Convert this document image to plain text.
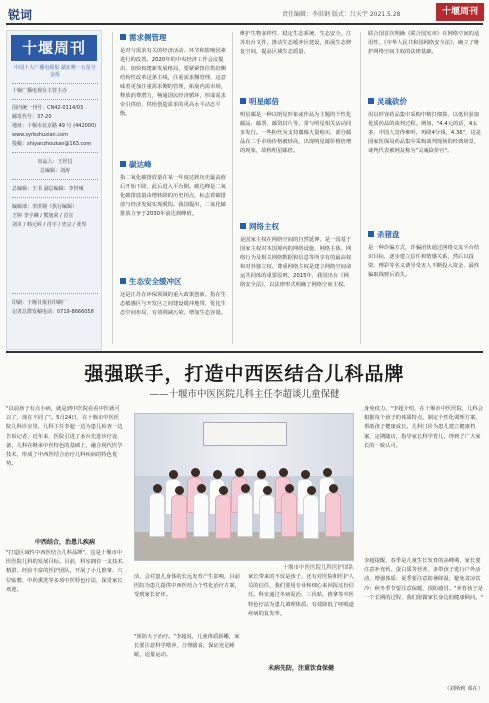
锐词	责任编辑：李洪钢 版式：吕天宇 2021.5.28	十堰周刊
十堰周刊
中国十大广播电视报 湖北唯一五星号金报
十堰广播电视台主管主办
国内统一刊号：CN42-0114/03
邮发代号：37-20
地址：十堰市北京路 49 号 (442000)
www.syrbshuxian.com
投稿：shiyanzhoukan@163.com
出品人：王世昌
总编辑：刘涛
总编辑：王书 副总编辑：李世雍
编辑部：李洪钢（执行编辑）
王婷 李宇琳 / 熊旭荣 / 首宣
刘卓 / 韩元婷 / 肖宇 / 史宗 / 张琴
印刷：十堰日报社印刷厂
记者总群发稿电话：0719-8666058
需求侧管理
是对与需求有关的经济活动、环节和影响因素进行的改善。2020年的中央经济工作会议提出，加快构建新发展格局，要紧紧扭住供给侧结构性改革这条主线，注重需求侧管理，这意味着更加注重需求侧的管理，拓展内需市场，释放消费潜力，畅通国民经济循环，形成需求牵引供给、供给创造需求的更高水平动态平衡。
碳达峰
指二氧化碳排放量在某一年度达到历史最高值后开始下降，此后进入平台期。碳达峰是二氧化碳排放量由增转降的历史拐点，标志着碳排放与经济发展实现脱钩。我国提出，二氧化碳排放力争于2030年前达到峰值。
生态安全缓冲区
这是江苏在环保领域的重大政策创新。指在生态敏感区与开发区之间建设缓冲地带，优化生态空间布局，有效削减污染，增加生态容量。
维护生物多样性、稳定生态系统、生态安全。江苏出台文件，推动生态缓冲区建设，拓展生态修复空间，提高区域生态质量。
明星邮倍
明星邮是一种以明星形象或作品为主题的个性化邮品，邮票、邮资封片等，常与明星相关活动同步发行。一些粉丝为支持偶像大量购买，部分邮品在二手市场价格被炒高，出现明星邮价格倍增的现象，故称明星邮倍。
网络主权
是国家主权在网络空间的自然延伸，是一国基于国家主权对本国境内的网络设施、网络主体、网络行为及相关网络数据和信息等所享有的最高权和对外独立权。尊重网络主权是建立网络空间命运共同体的重要原则，2015年，我国出台《网络安全法》，以法律形式明确了网络空间主权。
联合国首次明确《联合国宪章》在网络空间的适用性，《中华人民共和国网络安全法》，确立了维护网络空间主权的法律基础。
灵魂砍价
用以形容药品集中采购中精打细算、以低价获取优质药品的谈判过程。例如，"4.4元的话，4太多，中国人觉得难听，再降4分钱，4.36"，这是国家医保局药品集中采购谈判现场的经典场景，谈判代表被网友称为"灵魂砍价官"。
杀猪盘
是一种诈骗方式，诈骗团伙通过网络交友平台结识目标，逐步建立信任和情感关系，然后以投资、博彩等名义诱导受害人不断投入资金，最终骗取钱财后消失。
强强联手，打造中西医结合儿科品牌
——十堰市中医医院儿科主任李超谈儿童保健
"以前孩子有点小病，就是到中医院看看中医就可以了，现在不同了"。5月24日，在十堰市中医医院儿科诊室里，儿科主任李超一边为患儿检查一边告诉记者，近年来，医院引进了多台先进诊疗设备，儿科在继承中医特色的基础上，融合现代医学技术，形成了中西医结合治疗儿科疾病的特色优势。
中西结合，治患儿疾病
"打造区域性中西医结合儿科品牌"，这是十堰市中医医院儿科的发展目标。目前，科室拥有一支技术精湛、经验丰富的医护团队，开展了小儿推拿、穴位贴敷、中药熏洗等多项中医特色疗法，深受家长欢迎。
十堰市中医医院儿科医护团队
活，会对患儿身体的长远发育产生影响，目前医院为患儿提供中西医结合个性化治疗方案，受到家长好评。
"预防大于治疗。"李超说，儿童体质娇嫩，家长要注意科学喂养，合理膳食，保证充足睡眠，适量运动。
家长带来的不仅是孩子，还有对医院和医护人员的信任，我们要用专业和细心来回报这份信任。科室通过冬病夏治、三伏贴、推拿等中医特色疗法为患儿调理体质，有效降低了呼吸道疾病的复发率。
未病先防，注重饮食保健
身免疫力。"李超介绍，在十堰市中医医院，儿科会根据每个孩子的体质特点，制定个性化调理方案，帮助孩子健康成长。儿科门诊为患儿建立健康档案，定期随访，指导家长科学育儿，得到了广大家长的一致认可。
李超提醒，春季是儿童生长发育的高峰期，家长要注意补充钙、蛋白质等营养，多带孩子进行户外活动，增强体质；夏季要注意防暑降温，避免贪凉饮冷；秋冬季节要注意保暖，预防感冒。"养育孩子是一个长期的过程，我们愿做家长身边的健康顾问。"
（刘斯莉 邓在）
